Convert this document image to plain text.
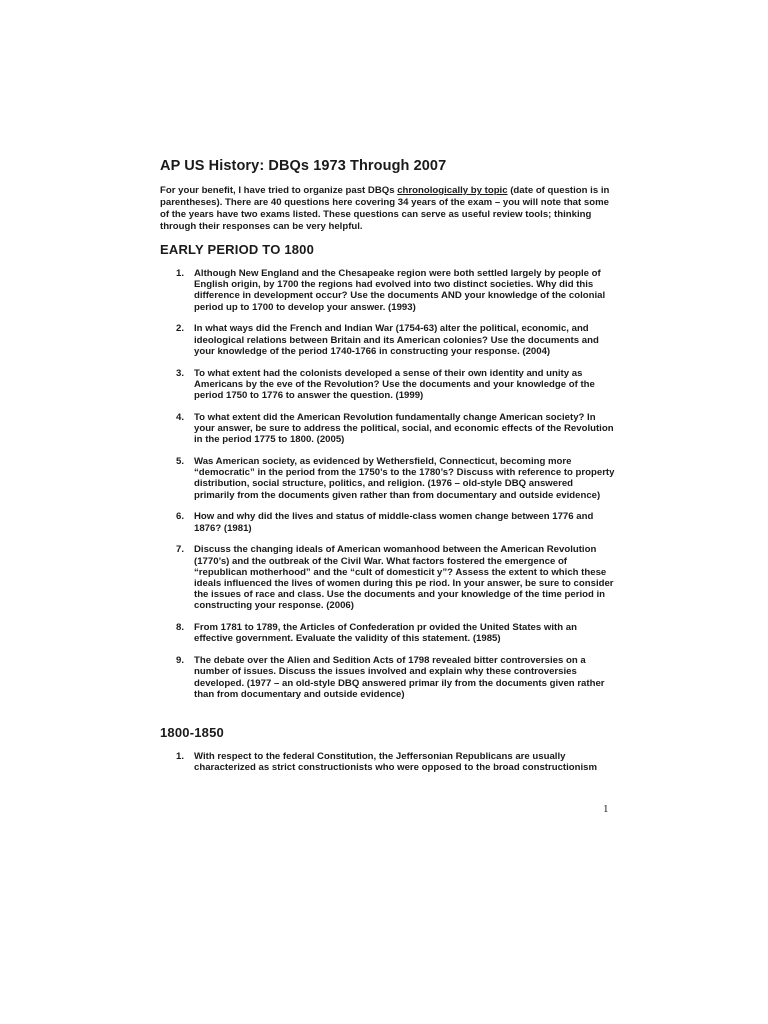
AP US History: DBQs 1973 Through 2007

For your benefit, I have tried to organize past DBQs chronologically by topic (date of question is in parentheses). There are 40 questions here covering 34 years of the exam – you will note that some of the years have two exams listed. These questions can serve as useful review tools; thinking through their responses can be very helpful.

EARLY PERIOD TO 1800
1. Although New England and the Chesapeake region were both settled largely by people of English origin, by 1700 the regions had evolved into two distinct societies. Why did this difference in development occur? Use the documents AND your knowledge of the colonial period up to 1700 to develop your answer. (1993)
2. In what ways did the French and Indian War (1754-63) alter the political, economic, and ideological relations between Britain and its American colonies? Use the documents and your knowledge of the period 1740-1766 in constructing your response. (2004)
3. To what extent had the colonists developed a sense of their own identity and unity as Americans by the eve of the Revolution? Use the documents and your knowledge of the period 1750 to 1776 to answer the question. (1999)
4. To what extent did the American Revolution fundamentally change American society? In your answer, be sure to address the political, social, and economic effects of the Revolution in the period 1775 to 1800. (2005)
5. Was American society, as evidenced by Wethersfield, Connecticut, becoming more “democratic” in the period from the 1750’s to the 1780’s? Discuss with reference to property distribution, social structure, politics, and religion. (1976 – old-style DBQ answered primarily from the documents given rather than from documentary and outside evidence)
6. How and why did the lives and status of middle-class women change between 1776 and 1876? (1981)
7. Discuss the changing ideals of American womanhood between the American Revolution (1770’s) and the outbreak of the Civil War. What factors fostered the emergence of “republican motherhood” and the “cult of domesticit y”? Assess the extent to which these ideals influenced the lives of women during this pe riod. In your answer, be sure to consider the issues of race and class. Use the documents and your knowledge of the time period in constructing your response. (2006)
8. From 1781 to 1789, the Articles of Confederation pr ovided the United States with an effective government. Evaluate the validity of this statement. (1985)
9. The debate over the Alien and Sedition Acts of 1798 revealed bitter controversies on a number of issues. Discuss the issues involved and explain why these controversies developed. (1977 – an old-style DBQ answered primar ily from the documents given rather than from documentary and outside evidence)
1800-1850
1. With respect to the federal Constitution, the Jeffersonian Republicans are usually characterized as strict constructionists who were opposed to the broad constructionism
1
